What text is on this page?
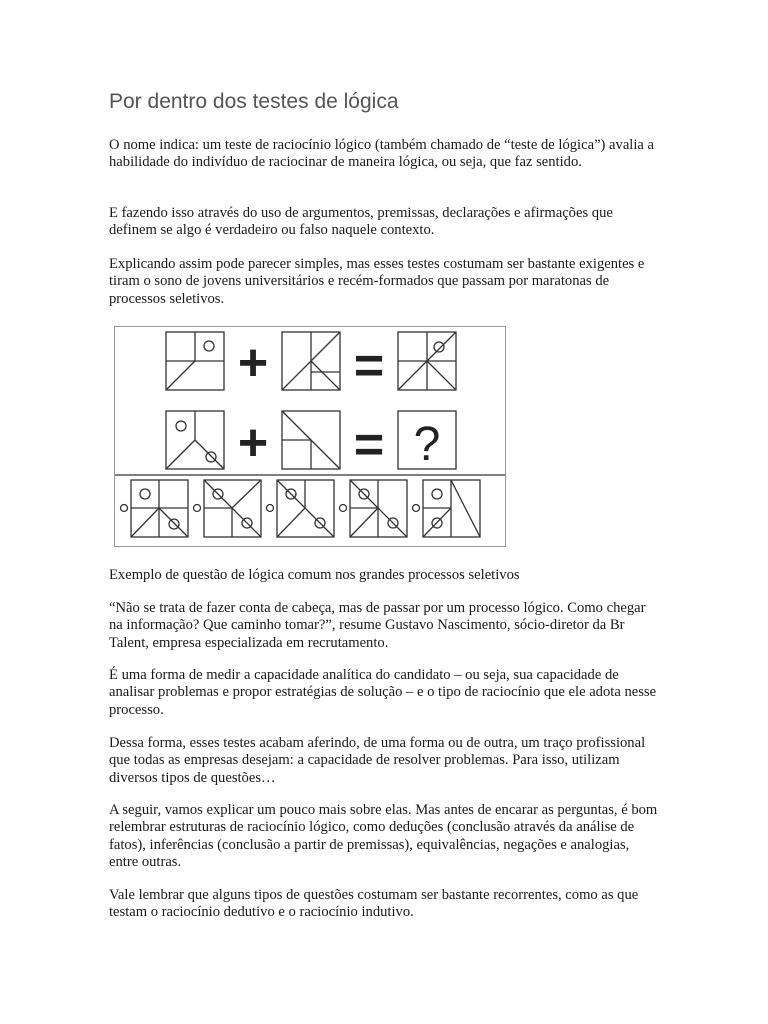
Por dentro dos testes de lógica

O nome indica: um teste de raciocínio lógico (também chamado de “teste de lógica”) avalia a habilidade do indivíduo de raciocinar de maneira lógica, ou seja, que faz sentido.

E fazendo isso através do uso de argumentos, premissas, declarações e afirmações que definem se algo é verdadeiro ou falso naquele contexto.

Explicando assim pode parecer simples, mas esses testes costumam ser bastante exigentes e tiram o sono de jovens universitários e recém-formados que passam por maratonas de processos seletivos.

Exemplo de questão de lógica comum nos grandes processos seletivos

“Não se trata de fazer conta de cabeça, mas de passar por um processo lógico. Como chegar na informação? Que caminho tomar?”, resume Gustavo Nascimento, sócio-diretor da Br Talent, empresa especializada em recrutamento.

É uma forma de medir a capacidade analítica do candidato – ou seja, sua capacidade de analisar problemas e propor estratégias de solução – e o tipo de raciocínio que ele adota nesse processo.

Dessa forma, esses testes acabam aferindo, de uma forma ou de outra, um traço profissional que todas as empresas desejam: a capacidade de resolver problemas. Para isso, utilizam diversos tipos de questões…

A seguir, vamos explicar um pouco mais sobre elas. Mas antes de encarar as perguntas, é bom relembrar estruturas de raciocínio lógico, como deduções (conclusão através da análise de fatos), inferências (conclusão a partir de premissas), equivalências, negações e analogias, entre outras.

Vale lembrar que alguns tipos de questões costumam ser bastante recorrentes, como as que testam o raciocínio dedutivo e o raciocínio indutivo.

+ =
+ = ?
